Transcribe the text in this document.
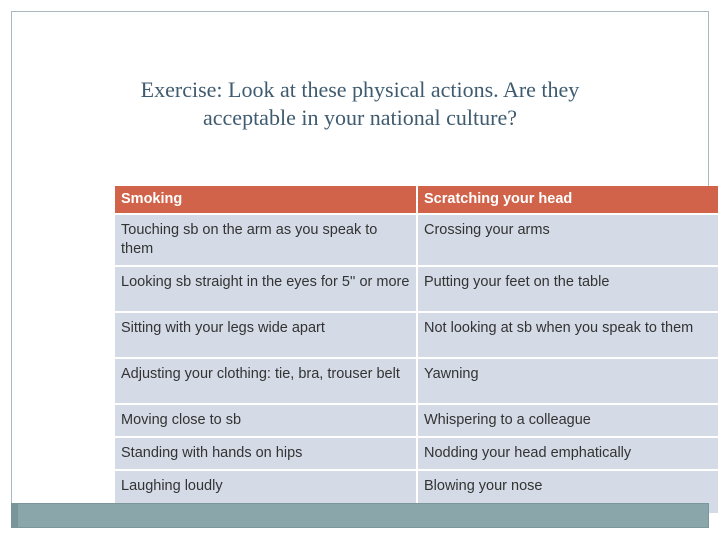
Exercise: Look at these physical actions. Are they
acceptable in your national culture?
Smoking	Scratching your head
Touching sb on the arm as you speak to them	Crossing your arms
Looking sb straight in the eyes for 5'' or more	Putting your feet on the table
Sitting with your legs wide apart	Not looking at sb when you speak to them
Adjusting your clothing: tie, bra, trouser belt	Yawning
Moving close to sb	Whispering to a colleague
Standing with hands on hips	Nodding your head emphatically
Laughing loudly	Blowing your nose
